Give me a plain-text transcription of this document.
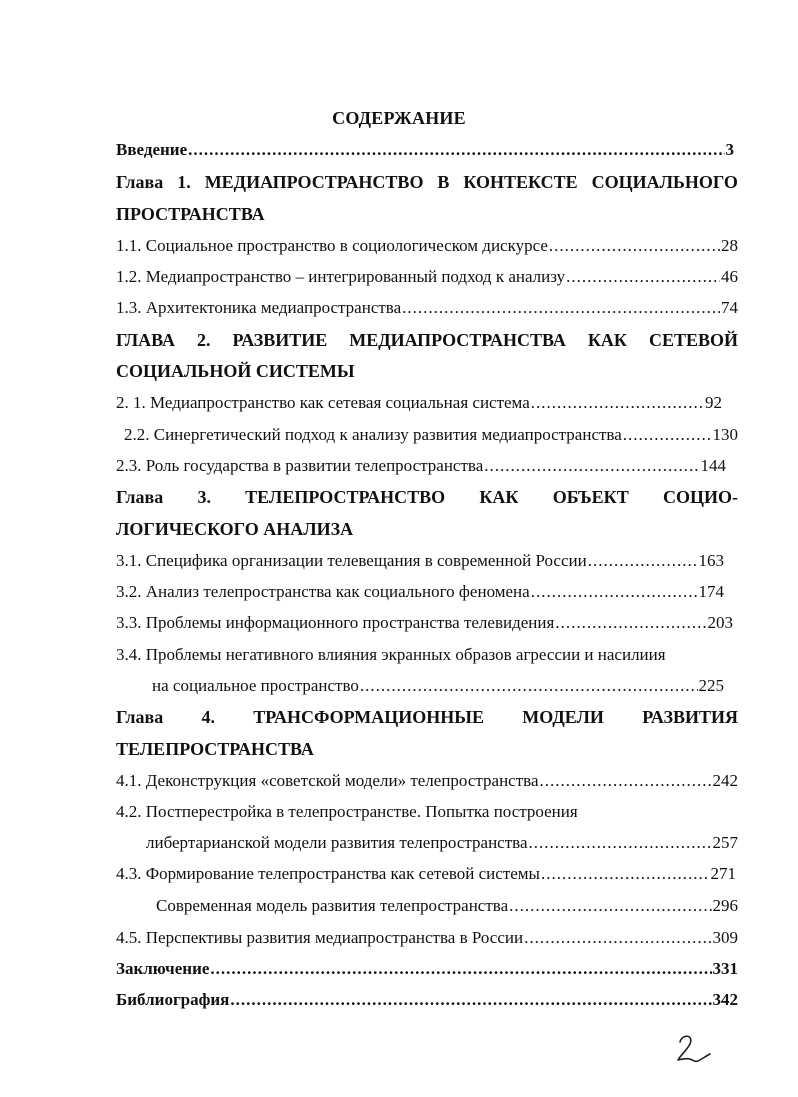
СОДЕРЖАНИЕ
Введение .....	3
Глава 1. МЕДИАПРОСТРАНСТВО В КОНТЕКСТЕ СОЦИАЛЬНОГО
ПРОСТРАНСТВА
1.1. Социальное пространство в социологическом дискурсе .....	28
1.2. Медиапространство – интегрированный подход к анализу .....	46
1.3. Архитектоника медиапространства .....	74
ГЛАВА 2. РАЗВИТИЕ МЕДИАПРОСТРАНСТВА КАК СЕТЕВОЙ
СОЦИАЛЬНОЙ СИСТЕМЫ
2. 1. Медиапространство как сетевая социальная система .....	92
2.2. Синергетический подход к анализу развития медиапространства .....	130
2.3. Роль государства в развитии телепространства .....	144
Глава 3. ТЕЛЕПРОСТРАНСТВО КАК ОБЪЕКТ СОЦИО-
ЛОГИЧЕСКОГО АНАЛИЗА
3.1. Специфика организации телевещания в современной России .....	163
3.2. Анализ телепространства как социального феномена .....	174
3.3. Проблемы информационного пространства телевидения .....	203
3.4. Проблемы негативного влияния экранных образов агрессии и насилиия
на социальное пространство .....	225
Глава 4. ТРАНСФОРМАЦИОННЫЕ МОДЕЛИ РАЗВИТИЯ
ТЕЛЕПРОСТРАНСТВА
4.1. Деконструкция «советской модели» телепространства .....	242
4.2. Постперестройка в телепространстве. Попытка построения
либертарианской модели развития телепространства .....	257
4.3. Формирование телепространства как сетевой системы .....	271
Современная модель развития телепространства .....	296
4.5. Перспективы развития медиапространства в России .....	309
Заключение .....	331
Библиография .....	342
